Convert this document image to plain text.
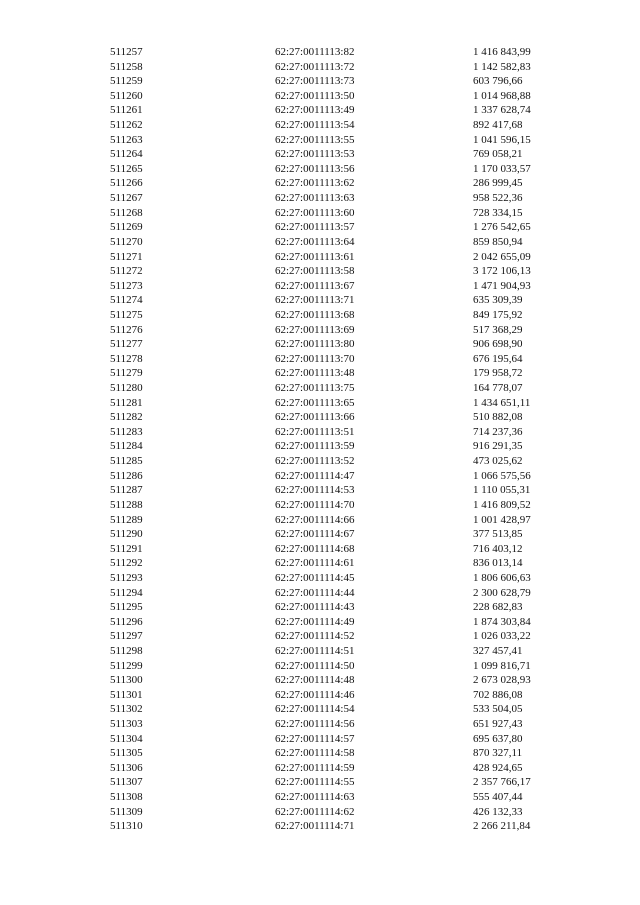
511257	62:27:0011113:82	1 416 843,99
511258	62:27:0011113:72	1 142 582,83
511259	62:27:0011113:73	603 796,66
511260	62:27:0011113:50	1 014 968,88
511261	62:27:0011113:49	1 337 628,74
511262	62:27:0011113:54	892 417,68
511263	62:27:0011113:55	1 041 596,15
511264	62:27:0011113:53	769 058,21
511265	62:27:0011113:56	1 170 033,57
511266	62:27:0011113:62	286 999,45
511267	62:27:0011113:63	958 522,36
511268	62:27:0011113:60	728 334,15
511269	62:27:0011113:57	1 276 542,65
511270	62:27:0011113:64	859 850,94
511271	62:27:0011113:61	2 042 655,09
511272	62:27:0011113:58	3 172 106,13
511273	62:27:0011113:67	1 471 904,93
511274	62:27:0011113:71	635 309,39
511275	62:27:0011113:68	849 175,92
511276	62:27:0011113:69	517 368,29
511277	62:27:0011113:80	906 698,90
511278	62:27:0011113:70	676 195,64
511279	62:27:0011113:48	179 958,72
511280	62:27:0011113:75	164 778,07
511281	62:27:0011113:65	1 434 651,11
511282	62:27:0011113:66	510 882,08
511283	62:27:0011113:51	714 237,36
511284	62:27:0011113:59	916 291,35
511285	62:27:0011113:52	473 025,62
511286	62:27:0011114:47	1 066 575,56
511287	62:27:0011114:53	1 110 055,31
511288	62:27:0011114:70	1 416 809,52
511289	62:27:0011114:66	1 001 428,97
511290	62:27:0011114:67	377 513,85
511291	62:27:0011114:68	716 403,12
511292	62:27:0011114:61	836 013,14
511293	62:27:0011114:45	1 806 606,63
511294	62:27:0011114:44	2 300 628,79
511295	62:27:0011114:43	228 682,83
511296	62:27:0011114:49	1 874 303,84
511297	62:27:0011114:52	1 026 033,22
511298	62:27:0011114:51	327 457,41
511299	62:27:0011114:50	1 099 816,71
511300	62:27:0011114:48	2 673 028,93
511301	62:27:0011114:46	702 886,08
511302	62:27:0011114:54	533 504,05
511303	62:27:0011114:56	651 927,43
511304	62:27:0011114:57	695 637,80
511305	62:27:0011114:58	870 327,11
511306	62:27:0011114:59	428 924,65
511307	62:27:0011114:55	2 357 766,17
511308	62:27:0011114:63	555 407,44
511309	62:27:0011114:62	426 132,33
511310	62:27:0011114:71	2 266 211,84
